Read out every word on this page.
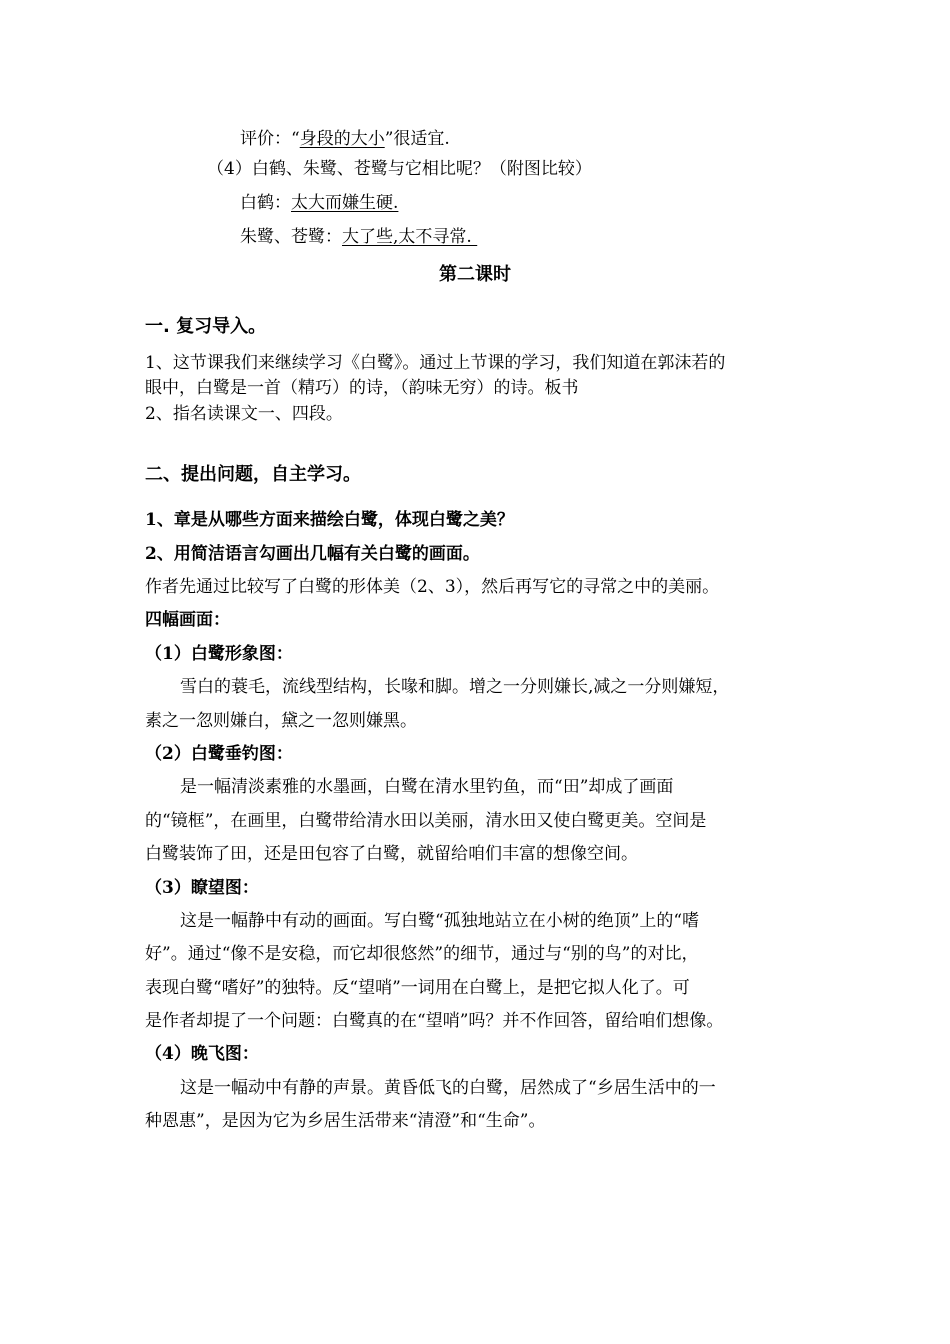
评价：“身段的大小”很适宜.
（4）白鹤、朱鹭、苍鹭与它相比呢？（附图比较）
白鹤：太大而嫌生硬.
朱鹭、苍鹭：大了些,太不寻常.
第二课时
一. 复习导入。
1、这节课我们来继续学习《白鹭》。通过上节课的学习，我们知道在郭沫若的
眼中，白鹭是一首（精巧）的诗，（韵味无穷）的诗。板书
2、指名读课文一、四段。
二、提出问题，自主学习。
1、章是从哪些方面来描绘白鹭，体现白鹭之美？
2、用简洁语言勾画出几幅有关白鹭的画面。
作者先通过比较写了白鹭的形体美（2、3），然后再写它的寻常之中的美丽。
四幅画面：
（1）白鹭形象图：
雪白的蓑毛，流线型结构，长喙和脚。增之一分则嫌长,减之一分则嫌短，
素之一忽则嫌白，黛之一忽则嫌黑。
（2）白鹭垂钓图：
是一幅清淡素雅的水墨画，白鹭在清水里钓鱼，而“田”却成了画面
的“镜框”，在画里，白鹭带给清水田以美丽，清水田又使白鹭更美。空间是
白鹭装饰了田，还是田包容了白鹭，就留给咱们丰富的想像空间。
（3）瞭望图：
这是一幅静中有动的画面。写白鹭“孤独地站立在小树的绝顶”上的“嗜
好”。通过“像不是安稳，而它却很悠然”的细节，通过与“别的鸟”的对比，
表现白鹭“嗜好”的独特。反“望哨”一词用在白鹭上，是把它拟人化了。可
是作者却提了一个问题：白鹭真的在“望哨”吗？并不作回答，留给咱们想像。
（4）晚飞图：
这是一幅动中有静的声景。黄昏低飞的白鹭，居然成了“乡居生活中的一
种恩惠”，是因为它为乡居生活带来“清澄”和“生命”。
